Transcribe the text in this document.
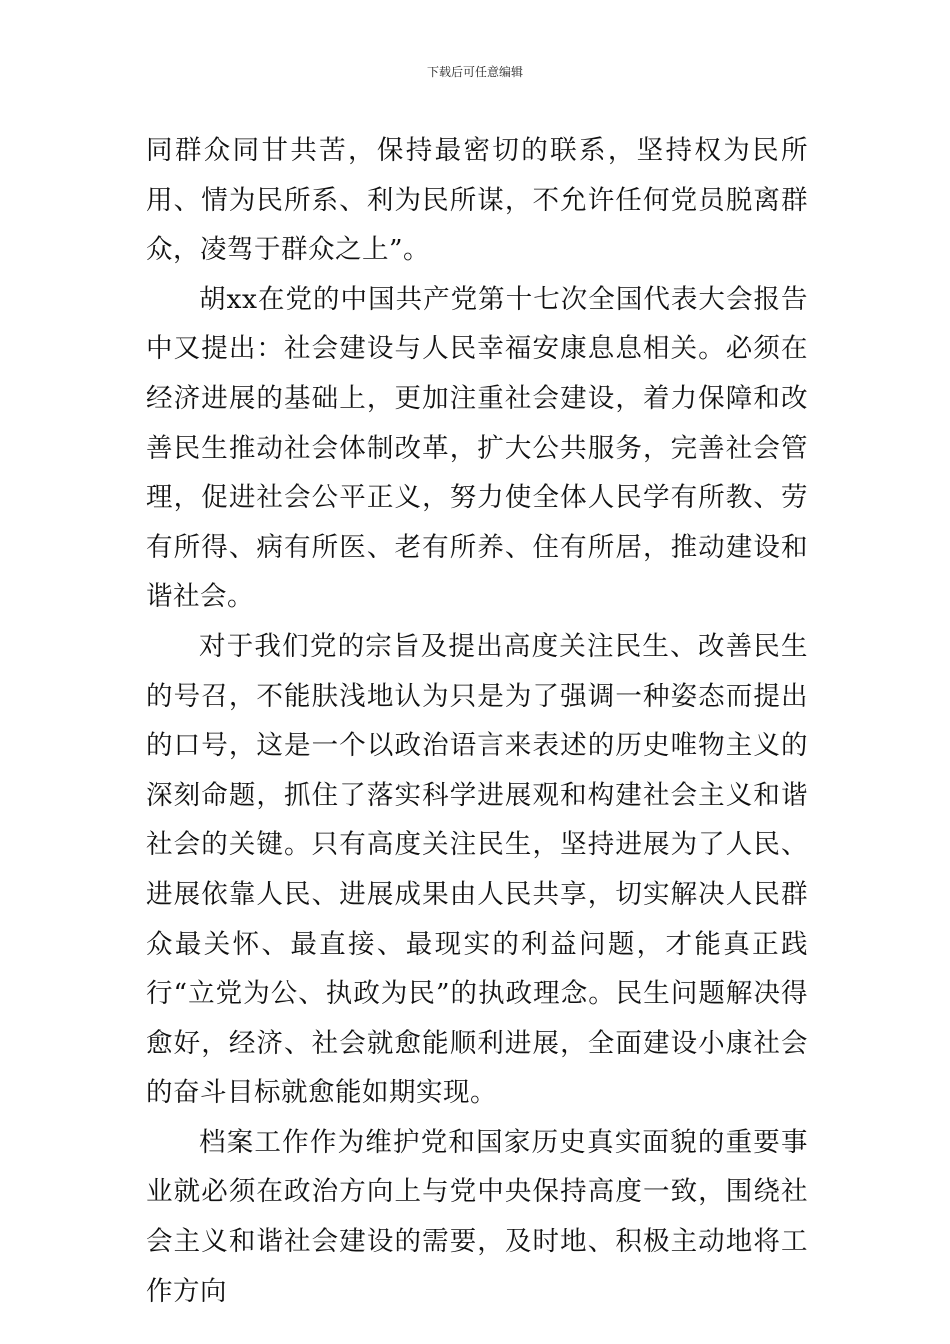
下载后可任意编辑

同群众同甘共苦，保持最密切的联系，坚持权为民所用、情为民所系、利为民所谋，不允许任何党员脱离群众，凌驾于群众之上”。

胡xx在党的中国共产党第十七次全国代表大会报告中又提出：社会建设与人民幸福安康息息相关。必须在经济进展的基础上，更加注重社会建设，着力保障和改善民生推动社会体制改革，扩大公共服务，完善社会管理，促进社会公平正义，努力使全体人民学有所教、劳有所得、病有所医、老有所养、住有所居，推动建设和谐社会。

对于我们党的宗旨及提出高度关注民生、改善民生的号召，不能肤浅地认为只是为了强调一种姿态而提出的口号，这是一个以政治语言来表述的历史唯物主义的深刻命题，抓住了落实科学进展观和构建社会主义和谐社会的关键。只有高度关注民生，坚持进展为了人民、进展依靠人民、进展成果由人民共享，切实解决人民群众最关怀、最直接、最现实的利益问题，才能真正践行“立党为公、执政为民”的执政理念。民生问题解决得愈好，经济、社会就愈能顺利进展，全面建设小康社会的奋斗目标就愈能如期实现。

档案工作作为维护党和国家历史真实面貌的重要事业就必须在政治方向上与党中央保持高度一致，围绕社会主义和谐社会建设的需要，及时地、积极主动地将工作方向
